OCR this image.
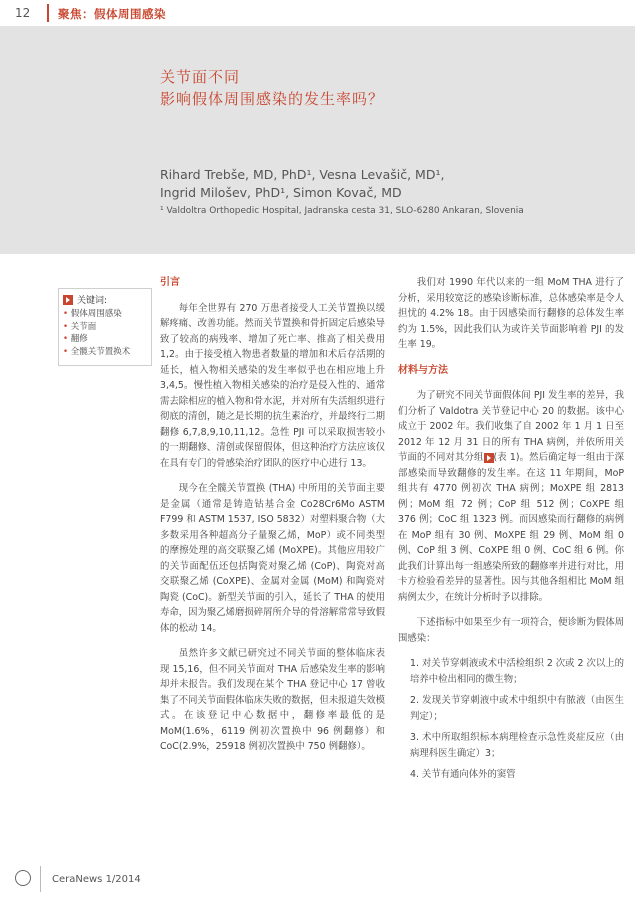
12 聚焦：假体周围感染
关节面不同
影响假体周围感染的发生率吗？
Rihard Trebše, MD, PhD¹, Vesna Levašič, MD¹,
Ingrid Milošev, PhD¹, Simon Kovač, MD
¹ Valdoltra Orthopedic Hospital, Jadranska cesta 31, SLO-6280 Ankaran, Slovenia
关键词:
• 假体周围感染
• 关节面
• 翻修
• 全髋关节置换术

引言

每年全世界有 270 万患者接受人工关节置换以缓解疼痛、改善功能。然而关节置换和骨折固定后感染导致了较高的病残率、增加了死亡率、推高了相关费用 1,2。由于接受植入物患者数量的增加和术后存活期的延长，植入物相关感染的发生率似乎也在相应地上升 3,4,5。慢性植入物相关感染的治疗是侵入性的、通常需去除相应的植入物和骨水泥，并对所有失活组织进行彻底的清创，随之是长期的抗生素治疗，并最终行二期翻修 6,7,8,9,10,11,12。急性 PJI 可以采取损害较小的一期翻修、清创或保留假体，但这种治疗方法应该仅在具有专门的骨感染治疗团队的医疗中心进行 13。

现今在全髋关节置换 (THA) 中所用的关节面主要是金属（通常是铸造钴基合金 Co28Cr6Mo ASTM F799 和 ASTM 1537, ISO 5832）对塑料聚合物（大多数采用各种超高分子量聚乙烯，MoP）或不同类型的摩擦处理的高交联聚乙烯 (MoXPE)。其他应用较广的关节面配伍还包括陶瓷对聚乙烯 (CoP)、陶瓷对高交联聚乙烯 (CoXPE)、金属对金属 (MoM) 和陶瓷对陶瓷 (CoC)。新型关节面的引入，延长了 THA 的使用寿命，因为聚乙烯磨损碎屑所介导的骨溶解常常导致假体的松动 14。

虽然许多文献已研究过不同关节面的整体临床表现 15,16，但不同关节面对 THA 后感染发生率的影响却并未报告。我们发现在某个 THA 登记中心 17 曾收集了不同关节面假体临床失败的数据，但未报道失效模式。在该登记中心数据中，翻修率最低的是 MoM(1.6%，6119 例初次置换中 96 例翻修）和 CoC(2.9%，25918 例初次置换中 750 例翻修）。

我们对 1990 年代以来的一组 MoM THA 进行了分析，采用较宽泛的感染诊断标准，总体感染率是令人担忧的 4.2% 18。由于因感染而行翻修的总体发生率约为 1.5%，因此我们认为或许关节面影响着 PJI 的发生率 19。

材料与方法

为了研究不同关节面假体间 PJI 发生率的差异，我们分析了 Valdotra 关节登记中心 20 的数据。该中心成立于 2002 年。我们收集了自 2002 年 1 月 1 日至 2012 年 12 月 31 日的所有 THA 病例，并依所用关节面的不同对其分组 (表 1)。然后确定每一组由于深部感染而导致翻修的发生率。在这 11 年期间，MoP 组共有 4770 例初次 THA 病例；MoXPE 组 2813 例；MoM 组 72 例；CoP 组 512 例；CoXPE 组 376 例；CoC 组 1323 例。而因感染而行翻修的病例在 MoP 组有 30 例、MoXPE 组 29 例、MoM 组 0 例、CoP 组 3 例、CoXPE 组 0 例、CoC 组 6 例。你此我们计算出每一组感染所致的翻修率并进行对比，用卡方检验看差异的显著性。因与其他各组相比 MoM 组病例太少，在统计分析时予以排除。

下述指标中如果至少有一项符合，便诊断为假体周围感染：

1. 对关节穿刺液或术中活检组织 2 次或 2 次以上的培养中检出相同的微生物；

2. 发现关节穿刺液中或术中组织中有脓液（由医生判定）；

3. 术中所取组织标本病理检查示急性炎症反应（由病理科医生确定）3；

4. 关节有通向体外的窦管

CeraNews 1/2014
